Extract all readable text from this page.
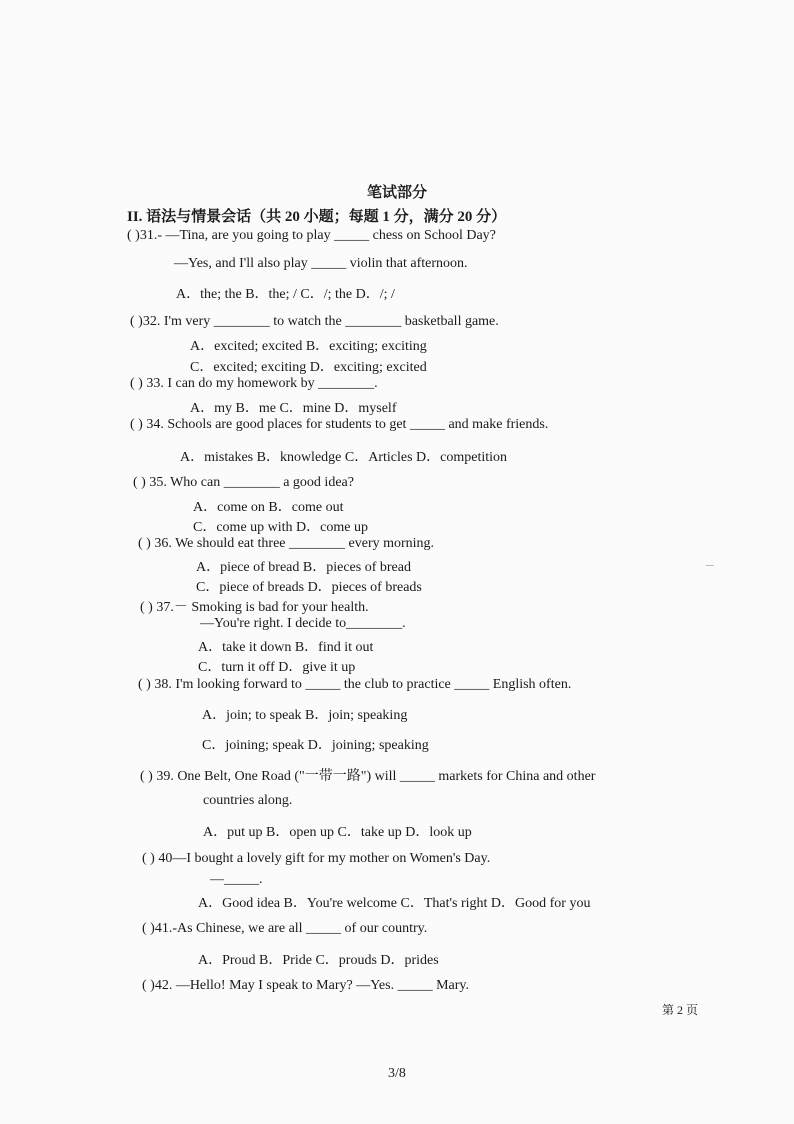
笔试部分
II. 语法与情景会话（共 20 小题；每题 1 分，满分 20 分）
( )31.- —Tina, are you going to play _____ chess on School Day?
—Yes, and I'll also play _____ violin that afternoon.
A．the; the B．the; / C．/; the D．/; /
( )32. I'm very ________ to watch the ________ basketball game.
A．excited; excited B．exciting; exciting
C．excited; exciting D．exciting; excited
( ) 33. I can do my homework by ________.
A．my B．me C．mine D．myself
( ) 34. Schools are good places for students to get _____ and make friends.
A．mistakes B．knowledge C．Articles D．competition
( ) 35. Who can ________ a good idea?
A．come on B．come out
C．come up with D．come up
( ) 36. We should eat three ________ every morning.
A．piece of bread B．pieces of bread
C．piece of breads D．pieces of breads
( ) 37.－ Smoking is bad for your health.
—You're right. I decide to________.
A．take it down B．find it out
C．turn it off D．give it up
( ) 38. I'm looking forward to _____ the club to practice _____ English often.
A．join; to speak B．join; speaking
C．joining; speak D．joining; speaking
( ) 39. One Belt, One Road ("一带一路") will _____ markets for China and other
countries along.
A．put up B．open up C．take up D．look up
( ) 40—I bought a lovely gift for my mother on Women's Day.
—_____.
A．Good idea B．You're welcome C．That's right D．Good for you
( )41.-As Chinese, we are all _____ of our country.
A．Proud B．Pride C．prouds D．prides
( )42. —Hello! May I speak to Mary? —Yes. _____ Mary.
第 2 页
3/8
